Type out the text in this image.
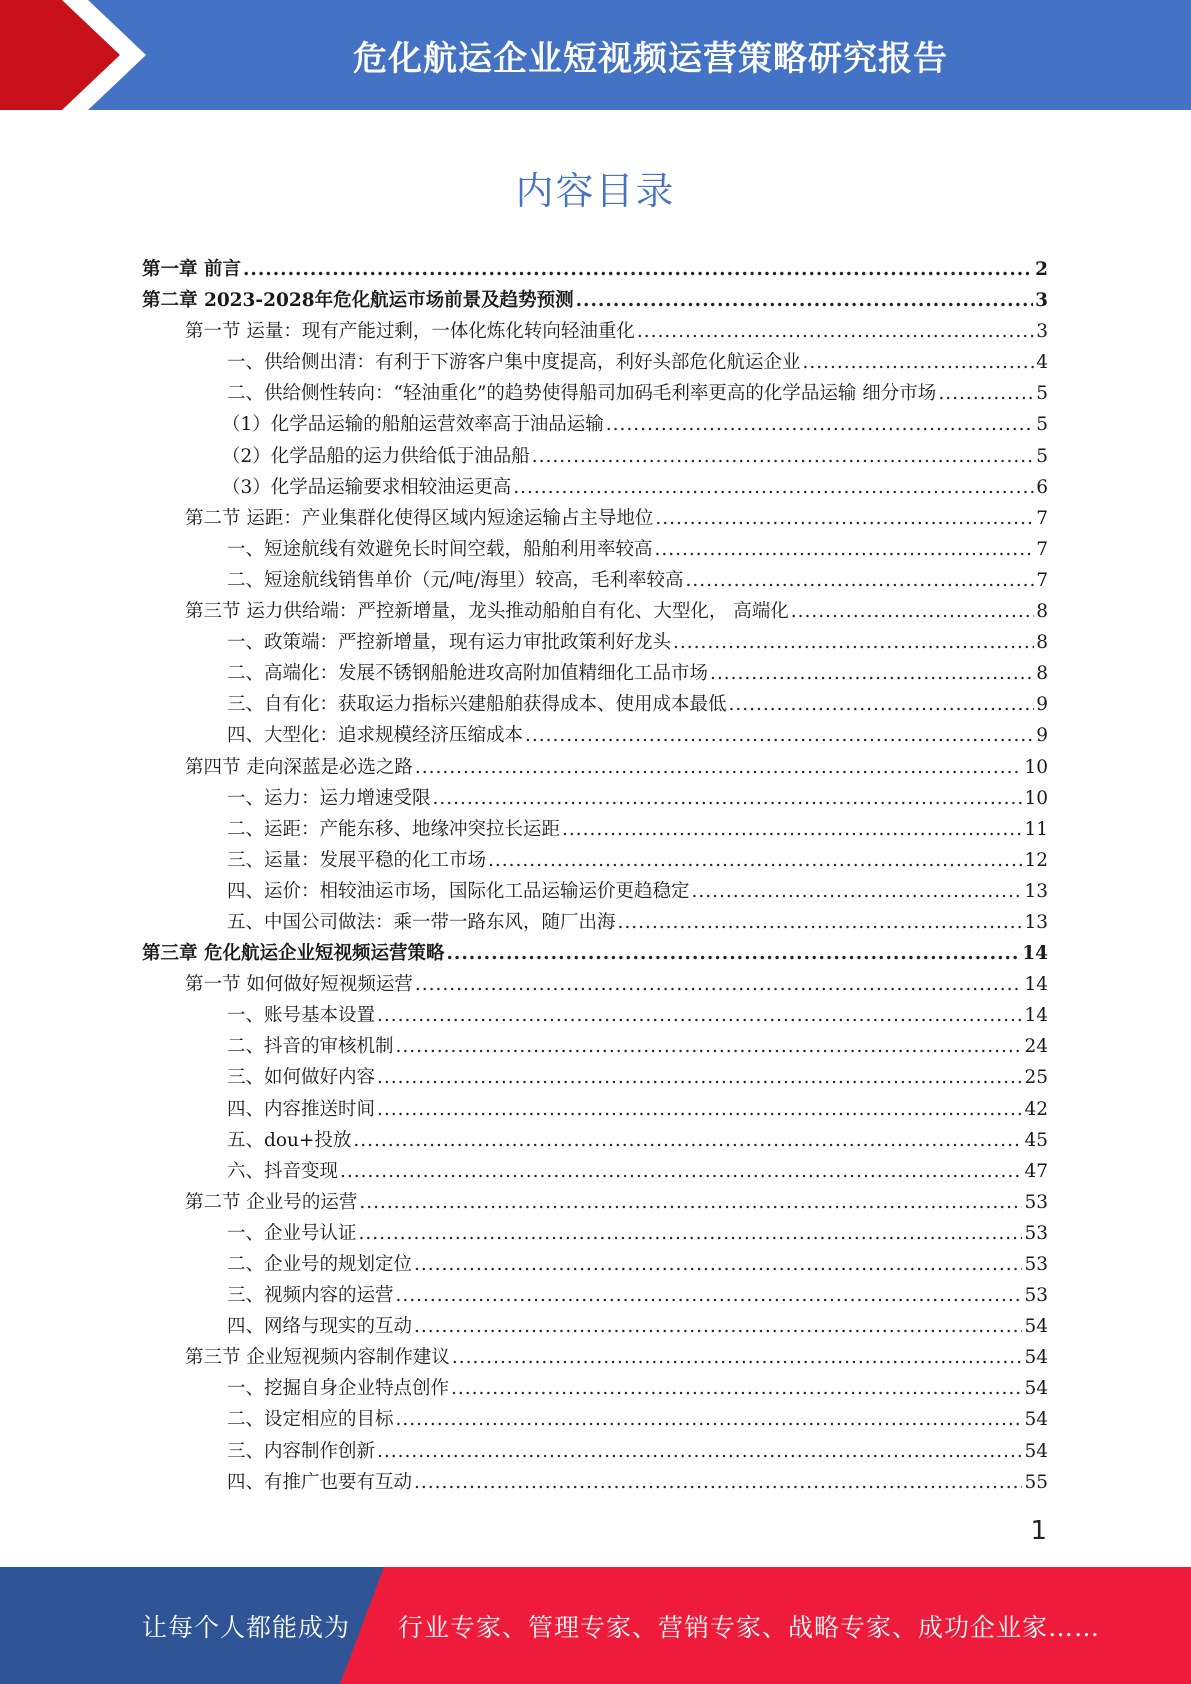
危化航运企业短视频运营策略研究报告
内容目录
第一章 前言 .....	2
第二章 2023-2028年危化航运市场前景及趋势预测 .....	3
第一节 运量：现有产能过剩，一体化炼化转向轻油重化 .....	3
一、供给侧出清：有利于下游客户集中度提高，利好头部危化航运企业 .....	4
二、供给侧性转向：“轻油重化”的趋势使得船司加码毛利率更高的化学品运输 细分市场 .....	5
（1）化学品运输的船舶运营效率高于油品运输 .....	5
（2）化学品船的运力供给低于油品船 .....	5
（3）化学品运输要求相较油运更高 .....	6
第二节 运距：产业集群化使得区域内短途运输占主导地位 .....	7
一、短途航线有效避免长时间空载，船舶利用率较高 .....	7
二、短途航线销售单价（元/吨/海里）较高，毛利率较高 .....	7
第三节 运力供给端：严控新增量，龙头推动船舶自有化、大型化， 高端化 .....	8
一、政策端：严控新增量，现有运力审批政策利好龙头 .....	8
二、高端化：发展不锈钢船舱进攻高附加值精细化工品市场 .....	8
三、自有化：获取运力指标兴建船舶获得成本、使用成本最低 .....	9
四、大型化：追求规模经济压缩成本 .....	9
第四节 走向深蓝是必选之路 .....	10
一、运力：运力增速受限 .....	10
二、运距：产能东移、地缘冲突拉长运距 .....	11
三、运量：发展平稳的化工市场 .....	12
四、运价：相较油运市场，国际化工品运输运价更趋稳定 .....	13
五、中国公司做法：乘一带一路东风，随厂出海 .....	13
第三章 危化航运企业短视频运营策略 .....	14
第一节 如何做好短视频运营 .....	14
一、账号基本设置 .....	14
二、抖音的审核机制 .....	24
三、如何做好内容 .....	25
四、内容推送时间 .....	42
五、dou+投放 .....	45
六、抖音变现 .....	47
第二节 企业号的运营 .....	53
一、企业号认证 .....	53
二、企业号的规划定位 .....	53
三、视频内容的运营 .....	53
四、网络与现实的互动 .....	54
第三节 企业短视频内容制作建议 .....	54
一、挖掘自身企业特点创作 .....	54
二、设定相应的目标 .....	54
三、内容制作创新 .....	54
四、有推广也要有互动 .....	55
1
让每个人都能成为 行业专家、管理专家、营销专家、战略专家、成功企业家……
